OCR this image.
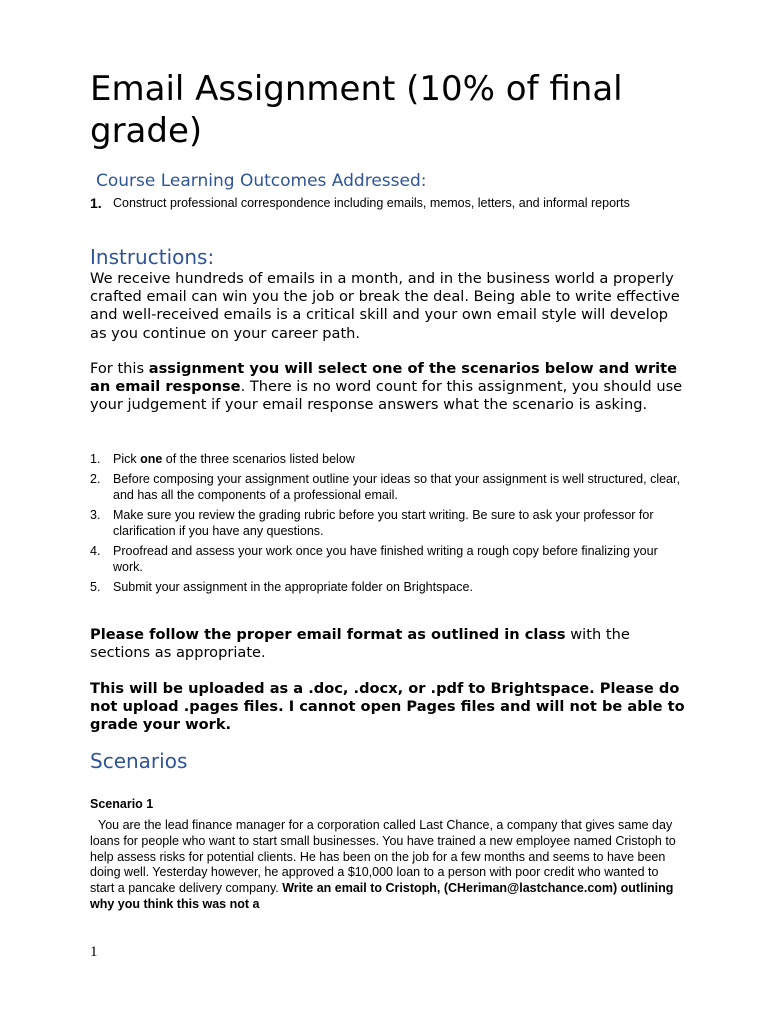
Email Assignment (10% of final grade)
Course Learning Outcomes Addressed:
1. Construct professional correspondence including emails, memos, letters, and informal reports
Instructions:

We receive hundreds of emails in a month, and in the business world a properly crafted email can win you the job or break the deal. Being able to write effective and well-received emails is a critical skill and your own email style will develop as you continue on your career path.

For this assignment you will select one of the scenarios below and write an email response. There is no word count for this assignment, you should use your judgement if your email response answers what the scenario is asking.

1. Pick one of the three scenarios listed below
2. Before composing your assignment outline your ideas so that your assignment is well structured, clear, and has all the components of a professional email.
3. Make sure you review the grading rubric before you start writing. Be sure to ask your professor for clarification if you have any questions.
4. Proofread and assess your work once you have finished writing a rough copy before finalizing your work.
5. Submit your assignment in the appropriate folder on Brightspace.

Please follow the proper email format as outlined in class with the sections as appropriate.

This will be uploaded as a .doc, .docx, or .pdf to Brightspace. Please do not upload .pages files. I cannot open Pages files and will not be able to grade your work.

Scenarios
Scenario 1

You are the lead finance manager for a corporation called Last Chance, a company that gives same day loans for people who want to start small businesses. You have trained a new employee named Cristoph to help assess risks for potential clients. He has been on the job for a few months and seems to have been doing well. Yesterday however, he approved a $10,000 loan to a person with poor credit who wanted to start a pancake delivery company. Write an email to Cristoph, (CHeriman@lastchance.com) outlining why you think this was not a

1
